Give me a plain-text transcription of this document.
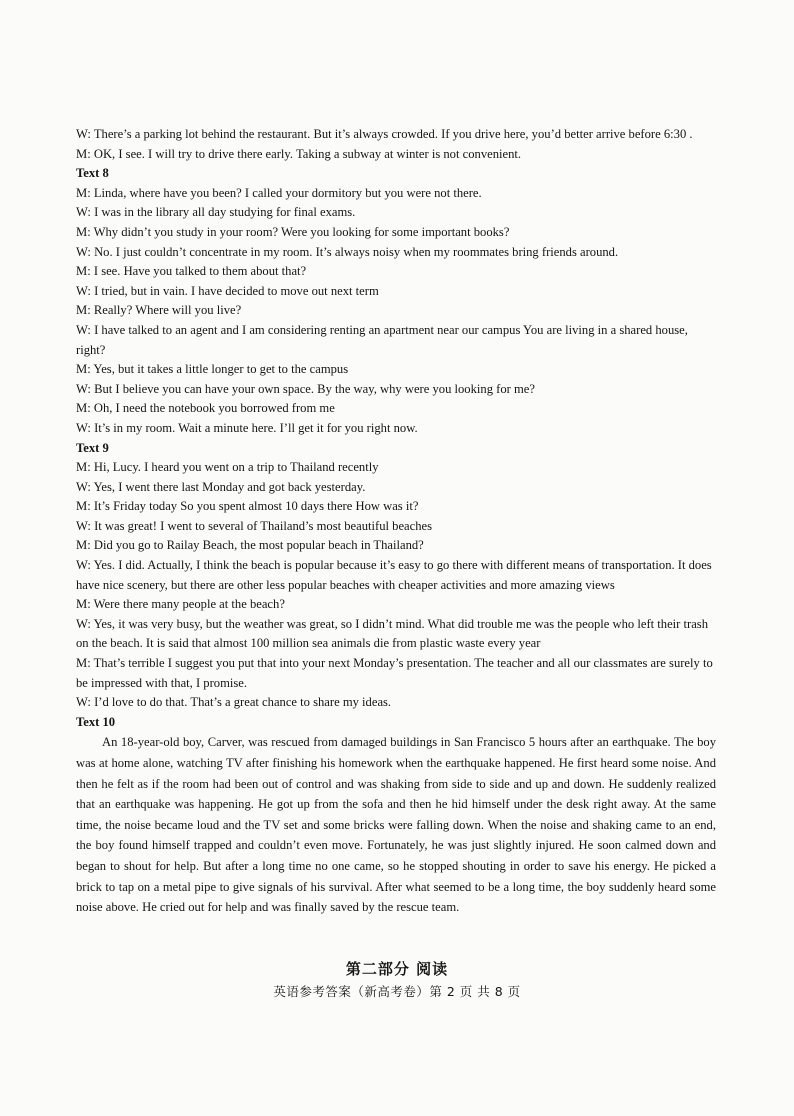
W: There’s a parking lot behind the restaurant. But it’s always crowded. If you drive here, you’d better arrive before 6:30 .

M: OK, I see. I will try to drive there early. Taking a subway at winter is not convenient.

Text 8

M: Linda, where have you been? I called your dormitory but you were not there.

W: I was in the library all day studying for final exams.

M: Why didn’t you study in your room? Were you looking for some important books?

W: No. I just couldn’t concentrate in my room. It’s always noisy when my roommates bring friends around.

M: I see. Have you talked to them about that?

W: I tried, but in vain. I have decided to move out next term

M: Really? Where will you live?

W: I have talked to an agent and I am considering renting an apartment near our campus You are living in a shared house, right?

M: Yes, but it takes a little longer to get to the campus

W: But I believe you can have your own space. By the way, why were you looking for me?

M: Oh, I need the notebook you borrowed from me

W: It’s in my room. Wait a minute here. I’ll get it for you right now.

Text 9

M: Hi, Lucy. I heard you went on a trip to Thailand recently

W: Yes, I went there last Monday and got back yesterday.

M: It’s Friday today So you spent almost 10 days there How was it?

W: It was great! I went to several of Thailand’s most beautiful beaches

M: Did you go to Railay Beach, the most popular beach in Thailand?

W: Yes. I did. Actually, I think the beach is popular because it’s easy to go there with different means of transportation. It does have nice scenery, but there are other less popular beaches with cheaper activities and more amazing views

M: Were there many people at the beach?

W: Yes, it was very busy, but the weather was great, so I didn’t mind. What did trouble me was the people who left their trash on the beach. It is said that almost 100 million sea animals die from plastic waste every year

M: That’s terrible I suggest you put that into your next Monday’s presentation. The teacher and all our classmates are surely to be impressed with that, I promise.

W: I’d love to do that. That’s a great chance to share my ideas.

Text 10

An 18-year-old boy, Carver, was rescued from damaged buildings in San Francisco 5 hours after an earthquake. The boy was at home alone, watching TV after finishing his homework when the earthquake happened. He first heard some noise. And then he felt as if the room had been out of control and was shaking from side to side and up and down. He suddenly realized that an earthquake was happening. He got up from the sofa and then he hid himself under the desk right away. At the same time, the noise became loud and the TV set and some bricks were falling down. When the noise and shaking came to an end, the boy found himself trapped and couldn’t even move. Fortunately, he was just slightly injured. He soon calmed down and began to shout for help. But after a long time no one came, so he stopped shouting in order to save his energy. He picked a brick to tap on a metal pipe to give signals of his survival. After what seemed to be a long time, the boy suddenly heard some noise above. He cried out for help and was finally saved by the rescue team.

第二部分 阅读

英语参考答案（新高考卷）第 2 页 共 8 页
